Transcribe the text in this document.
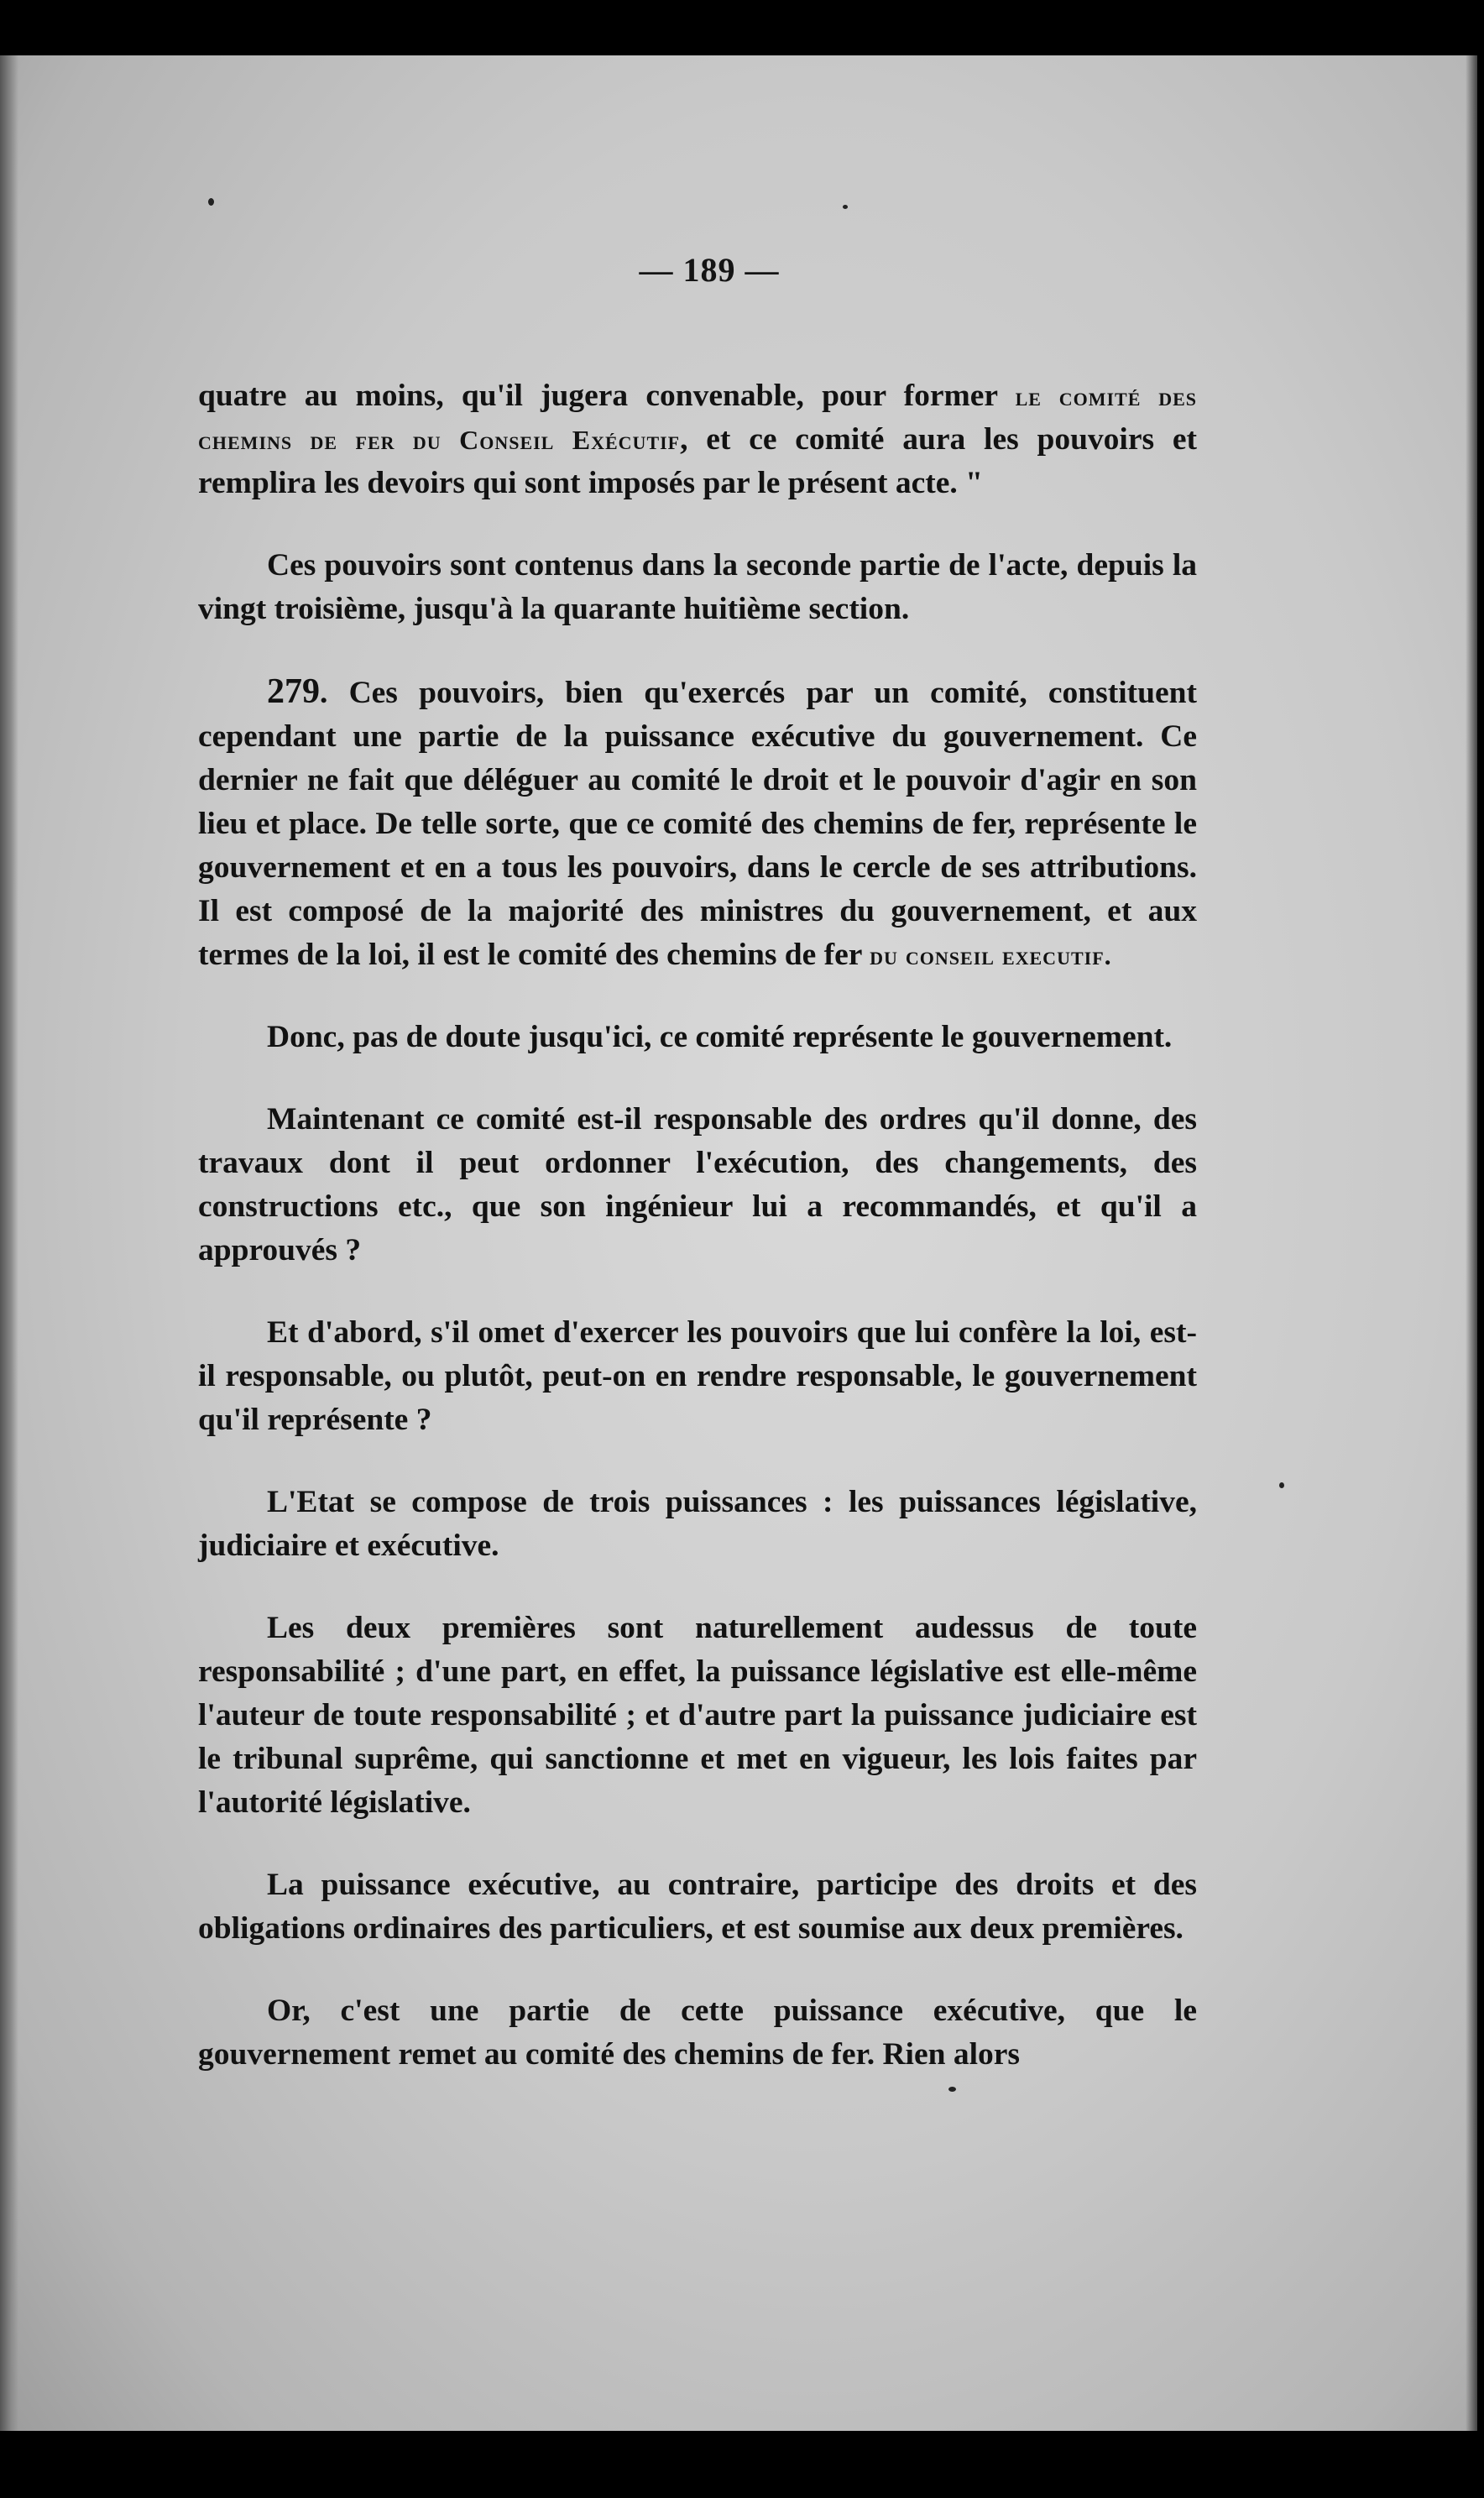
— 189 —

quatre au moins, qu'il jugera convenable, pour former le comité des chemins de fer du Conseil Exécutif, et ce comité aura les pouvoirs et remplira les devoirs qui sont imposés par le présent acte. "

Ces pouvoirs sont contenus dans la seconde partie de l'acte, depuis la vingt troisième, jusqu'à la quarante huitième section.

279. Ces pouvoirs, bien qu'exercés par un comité, constituent cependant une partie de la puissance exécutive du gouvernement. Ce dernier ne fait que déléguer au comité le droit et le pouvoir d'agir en son lieu et place. De telle sorte, que ce comité des chemins de fer, représente le gouvernement et en a tous les pouvoirs, dans le cercle de ses attributions. Il est composé de la majorité des ministres du gouvernement, et aux termes de la loi, il est le comité des chemins de fer du conseil executif.

Donc, pas de doute jusqu'ici, ce comité représente le gouvernement.

Maintenant ce comité est-il responsable des ordres qu'il donne, des travaux dont il peut ordonner l'exécution, des changements, des constructions etc., que son ingénieur lui a recommandés, et qu'il a approuvés ?

Et d'abord, s'il omet d'exercer les pouvoirs que lui confère la loi, est-il responsable, ou plutôt, peut-on en rendre responsable, le gouvernement qu'il représente ?

L'Etat se compose de trois puissances : les puissances législative, judiciaire et exécutive.

Les deux premières sont naturellement audessus de toute responsabilité ; d'une part, en effet, la puissance législative est elle-même l'auteur de toute responsabilité ; et d'autre part la puissance judiciaire est le tribunal suprême, qui sanctionne et met en vigueur, les lois faites par l'autorité législative.

La puissance exécutive, au contraire, participe des droits et des obligations ordinaires des particuliers, et est soumise aux deux premières.

Or, c'est une partie de cette puissance exécutive, que le gouvernement remet au comité des chemins de fer. Rien alors
